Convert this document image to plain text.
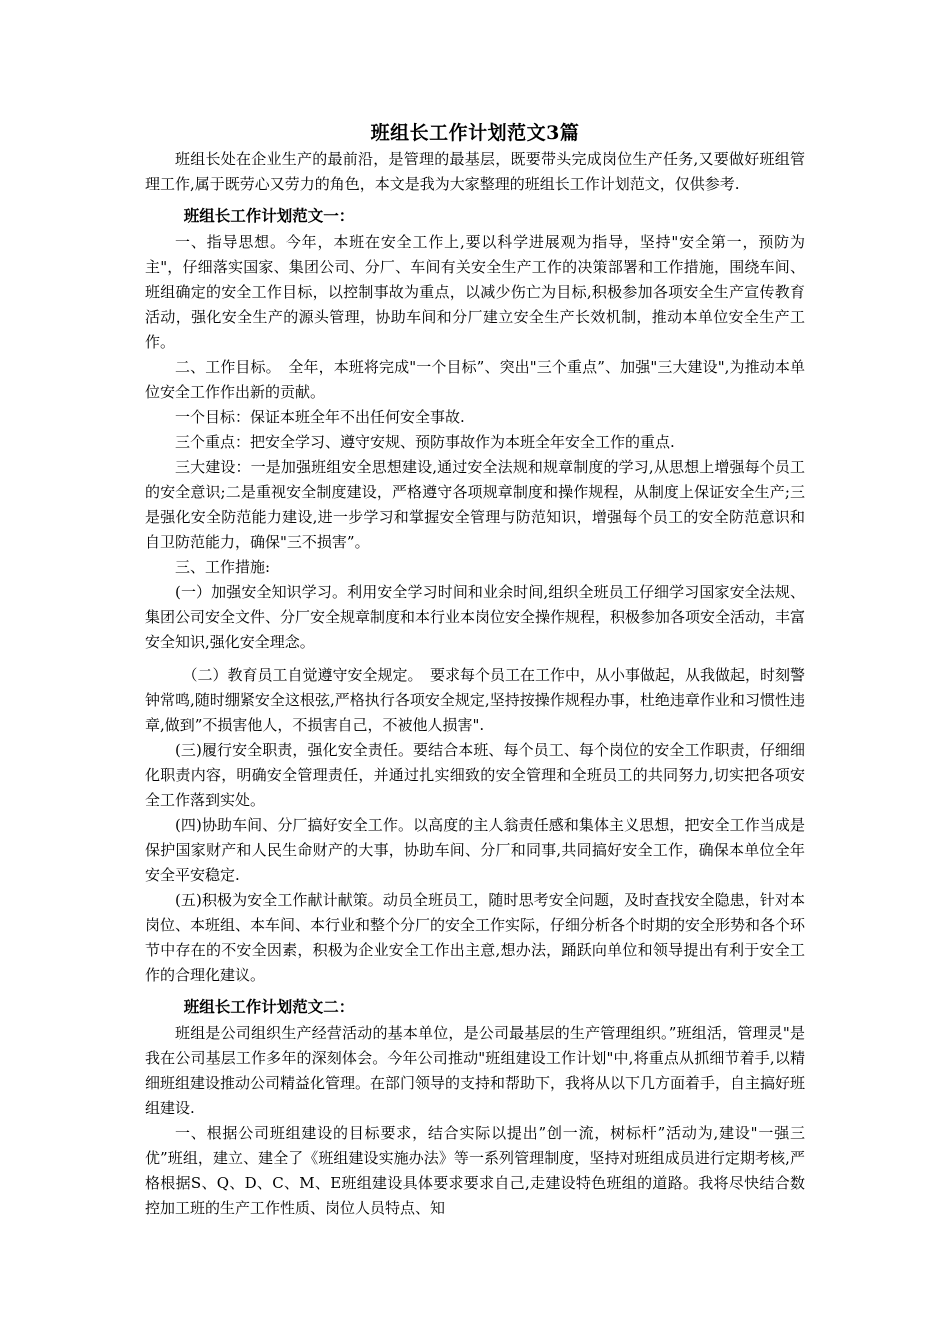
班组长工作计划范文3篇

班组长处在企业生产的最前沿，是管理的最基层，既要带头完成岗位生产任务,又要做好班组管理工作,属于既劳心又劳力的角色，本文是我为大家整理的班组长工作计划范文，仅供参考.

班组长工作计划范文一：

一、指导思想。今年，本班在安全工作上,要以科学进展观为指导，坚持"安全第一，预防为主"，仔细落实国家、集团公司、分厂、车间有关安全生产工作的决策部署和工作措施，围绕车间、班组确定的安全工作目标，以控制事故为重点，以减少伤亡为目标,积极参加各项安全生产宣传教育活动，强化安全生产的源头管理，协助车间和分厂建立安全生产长效机制，推动本单位安全生产工作。

二、工作目标。　全年，本班将完成"一个目标”、突出"三个重点”、加强"三大建设",为推动本单位安全工作作出新的贡献。

一个目标：保证本班全年不出任何安全事故.

三个重点：把安全学习、遵守安规、预防事故作为本班全年安全工作的重点.

三大建设：一是加强班组安全思想建设,通过安全法规和规章制度的学习,从思想上增强每个员工的安全意识;二是重视安全制度建设，严格遵守各项规章制度和操作规程，从制度上保证安全生产;三是强化安全防范能力建设,进一步学习和掌握安全管理与防范知识，增强每个员工的安全防范意识和自卫防范能力，确保"三不损害”。

三、工作措施:

(一）加强安全知识学习。利用安全学习时间和业余时间,组织全班员工仔细学习国家安全法规、集团公司安全文件、分厂安全规章制度和本行业本岗位安全操作规程，积极参加各项安全活动，丰富安全知识,强化安全理念。

（二）教育员工自觉遵守安全规定。　要求每个员工在工作中，从小事做起，从我做起，时刻警钟常鸣,随时绷紧安全这根弦,严格执行各项安全规定,坚持按操作规程办事，杜绝违章作业和习惯性违章,做到”不损害他人，不损害自己，不被他人损害".

(三)履行安全职责，强化安全责任。要结合本班、每个员工、每个岗位的安全工作职责，仔细细化职责内容，明确安全管理责任，并通过扎实细致的安全管理和全班员工的共同努力,切实把各项安全工作落到实处。

(四)协助车间、分厂搞好安全工作。以高度的主人翁责任感和集体主义思想，把安全工作当成是保护国家财产和人民生命财产的大事，协助车间、分厂和同事,共同搞好安全工作，确保本单位全年安全平安稳定.

(五)积极为安全工作献计献策。动员全班员工，随时思考安全问题，及时查找安全隐患，针对本岗位、本班组、本车间、本行业和整个分厂的安全工作实际，仔细分析各个时期的安全形势和各个环节中存在的不安全因素，积极为企业安全工作出主意,想办法，踊跃向单位和领导提出有利于安全工作的合理化建议。

班组长工作计划范文二：

班组是公司组织生产经营活动的基本单位，是公司最基层的生产管理组织。”班组活，管理灵"是我在公司基层工作多年的深刻体会。今年公司推动"班组建设工作计划"中,将重点从抓细节着手,以精细班组建设推动公司精益化管理。在部门领导的支持和帮助下，我将从以下几方面着手，自主搞好班组建设.

一、根据公司班组建设的目标要求，结合实际以提出”创一流，树标杆”活动为,建设"一强三优”班组，建立、建全了《班组建设实施办法》等一系列管理制度，坚持对班组成员进行定期考核,严格根据S、Q、D、C、M、E班组建设具体要求要求自己,走建设特色班组的道路。我将尽快结合数控加工班的生产工作性质、岗位人员特点、知
